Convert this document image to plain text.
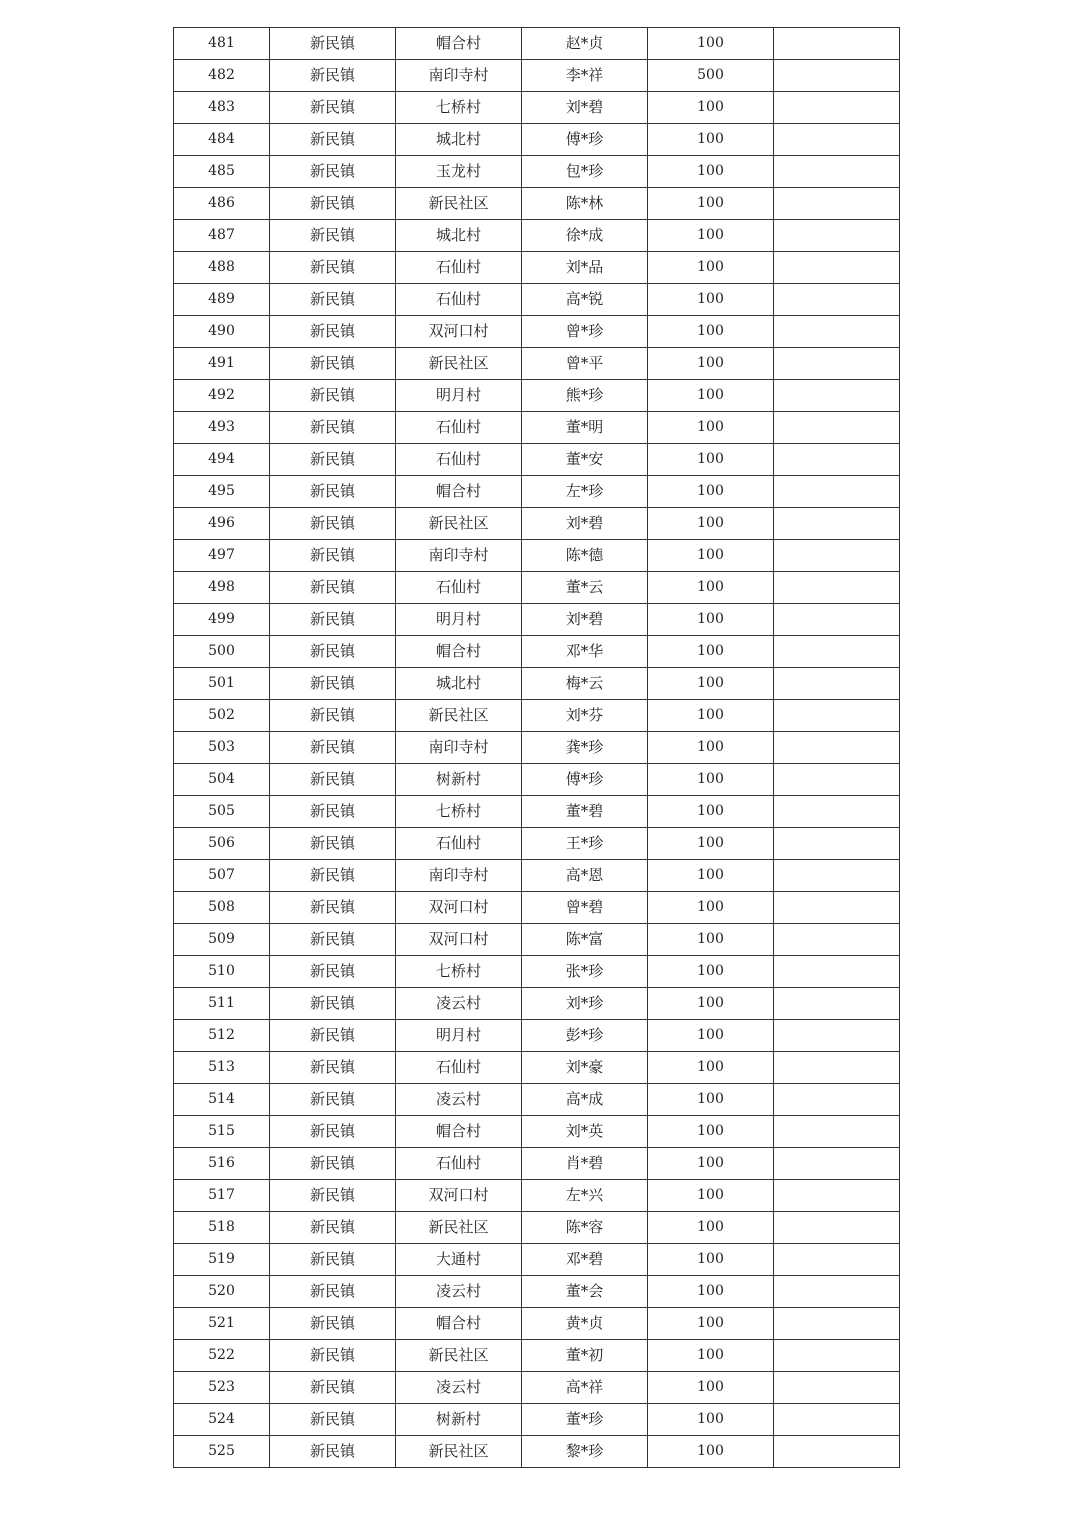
481	新民镇	帽合村	赵*贞	100	
482	新民镇	南印寺村	李*祥	500	
483	新民镇	七桥村	刘*碧	100	
484	新民镇	城北村	傅*珍	100	
485	新民镇	玉龙村	包*珍	100	
486	新民镇	新民社区	陈*林	100	
487	新民镇	城北村	徐*成	100	
488	新民镇	石仙村	刘*品	100	
489	新民镇	石仙村	高*锐	100	
490	新民镇	双河口村	曾*珍	100	
491	新民镇	新民社区	曾*平	100	
492	新民镇	明月村	熊*珍	100	
493	新民镇	石仙村	董*明	100	
494	新民镇	石仙村	董*安	100	
495	新民镇	帽合村	左*珍	100	
496	新民镇	新民社区	刘*碧	100	
497	新民镇	南印寺村	陈*德	100	
498	新民镇	石仙村	董*云	100	
499	新民镇	明月村	刘*碧	100	
500	新民镇	帽合村	邓*华	100	
501	新民镇	城北村	梅*云	100	
502	新民镇	新民社区	刘*芬	100	
503	新民镇	南印寺村	龚*珍	100	
504	新民镇	树新村	傅*珍	100	
505	新民镇	七桥村	董*碧	100	
506	新民镇	石仙村	王*珍	100	
507	新民镇	南印寺村	高*恩	100	
508	新民镇	双河口村	曾*碧	100	
509	新民镇	双河口村	陈*富	100	
510	新民镇	七桥村	张*珍	100	
511	新民镇	凌云村	刘*珍	100	
512	新民镇	明月村	彭*珍	100	
513	新民镇	石仙村	刘*豪	100	
514	新民镇	凌云村	高*成	100	
515	新民镇	帽合村	刘*英	100	
516	新民镇	石仙村	肖*碧	100	
517	新民镇	双河口村	左*兴	100	
518	新民镇	新民社区	陈*容	100	
519	新民镇	大通村	邓*碧	100	
520	新民镇	凌云村	董*会	100	
521	新民镇	帽合村	黄*贞	100	
522	新民镇	新民社区	董*初	100	
523	新民镇	凌云村	高*祥	100	
524	新民镇	树新村	董*珍	100	
525	新民镇	新民社区	黎*珍	100	
